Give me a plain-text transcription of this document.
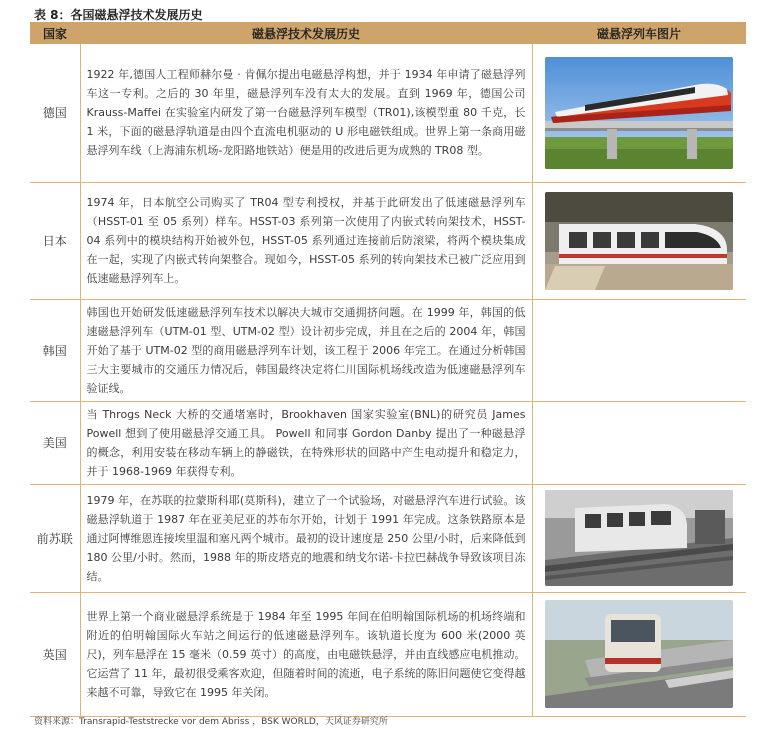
表 8：各国磁悬浮技术发展历史
国家	磁悬浮技术发展历史	磁悬浮列车图片
德国	1922 年,德国人工程师赫尔曼 · 肯佩尔提出电磁悬浮构想，并于 1934 年申请了磁悬浮列车这一专利。之后的 30 年里，磁悬浮列车没有太大的发展。直到 1969 年，德国公司 Krauss-Maffei 在实验室内研发了第一台磁悬浮列车模型（TR01),该模型重 80 千克，长 1 米，下面的磁悬浮轨道是由四个直流电机驱动的 U 形电磁铁组成。世界上第一条商用磁悬浮列车线（上海浦东机场-龙阳路地铁站）便是用的改进后更为成熟的 TR08 型。	

日本	1974 年，日本航空公司购买了 TR04 型专利授权，并基于此研发出了低速磁悬浮列车（HSST-01 至 05 系列）样车。HSST-03 系列第一次使用了内嵌式转向架技术，HSST-04 系列中的模块结构开始被外包，HSST-05 系列通过连接前后防滚梁，将两个模块集成在一起，实现了内嵌式转向架整合。现如今，HSST-05 系列的转向架技术已被广泛应用到低速磁悬浮列车上。	

韩国	韩国也开始研发低速磁悬浮列车技术以解决大城市交通拥挤问题。在 1999 年，韩国的低速磁悬浮列车（UTM-01 型、UTM-02 型）设计初步完成，并且在之后的 2004 年，韩国开始了基于 UTM-02 型的商用磁悬浮列车计划，该工程于 2006 年完工。在通过分析韩国三大主要城市的交通压力情况后，韩国最终决定将仁川国际机场线改造为低速磁悬浮列车验证线。	
美国	当 Throgs Neck 大桥的交通堵塞时，Brookhaven 国家实验室(BNL)的研究员 James Powell 想到了使用磁悬浮交通工具。 Powell 和同事 Gordon Danby 提出了一种磁悬浮的概念，利用安装在移动车辆上的静磁铁，在特殊形状的回路中产生电动提升和稳定力，并于 1968-1969 年获得专利。	
前苏联	1979 年，在苏联的拉蒙斯科耶(莫斯科)，建立了一个试验场，对磁悬浮汽车进行试验。该磁悬浮轨道于 1987 年在亚美尼亚的苏布尔开始，计划于 1991 年完成。这条铁路原本是通过阿博维恩连接埃里温和塞凡两个城市。最初的设计速度是 250 公里/小时，后来降低到 180 公里/小时。然而，1988 年的斯皮塔克的地震和纳戈尔诺-卡拉巴赫战争导致该项目冻结。	

英国	世界上第一个商业磁悬浮系统是于 1984 年至 1995 年间在伯明翰国际机场的机场终端和附近的伯明翰国际火车站之间运行的低速磁悬浮列车。该轨道长度为 600 米(2000 英尺)，列车悬浮在 15 毫米（0.59 英寸）的高度，由电磁铁悬浮，并由直线感应电机推动。它运营了 11 年，最初很受乘客欢迎，但随着时间的流逝，电子系统的陈旧问题使它变得越来越不可靠，导致它在 1995 年关闭。	
资料来源：Transrapid-Teststrecke vor dem Abriss ，BSK WORLD，天风证券研究所
